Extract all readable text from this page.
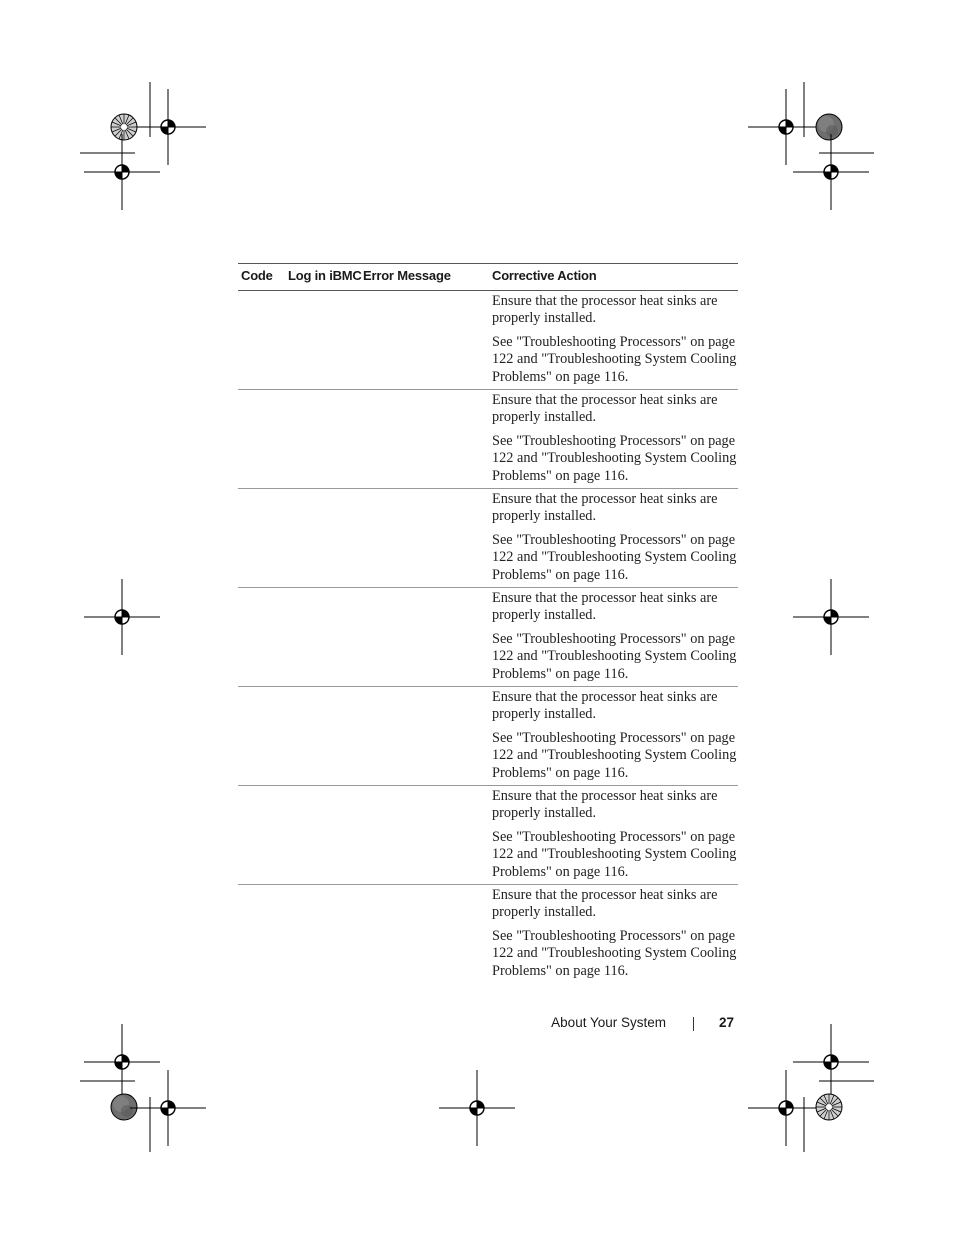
Code Log in iBMC Error Message	Corrective Action

Ensure that the processor heat sinks are properly installed.

See "Troubleshooting Processors" on page 122 and "Troubleshooting System Cooling Problems" on page 116.

Ensure that the processor heat sinks are properly installed.

See "Troubleshooting Processors" on page 122 and "Troubleshooting System Cooling Problems" on page 116.

Ensure that the processor heat sinks are properly installed.

See "Troubleshooting Processors" on page 122 and "Troubleshooting System Cooling Problems" on page 116.

Ensure that the processor heat sinks are properly installed.

See "Troubleshooting Processors" on page 122 and "Troubleshooting System Cooling Problems" on page 116.

Ensure that the processor heat sinks are properly installed.

See "Troubleshooting Processors" on page 122 and "Troubleshooting System Cooling Problems" on page 116.

Ensure that the processor heat sinks are properly installed.

See "Troubleshooting Processors" on page 122 and "Troubleshooting System Cooling Problems" on page 116.

Ensure that the processor heat sinks are properly installed.

See "Troubleshooting Processors" on page 122 and "Troubleshooting System Cooling Problems" on page 116.

About Your System	27
